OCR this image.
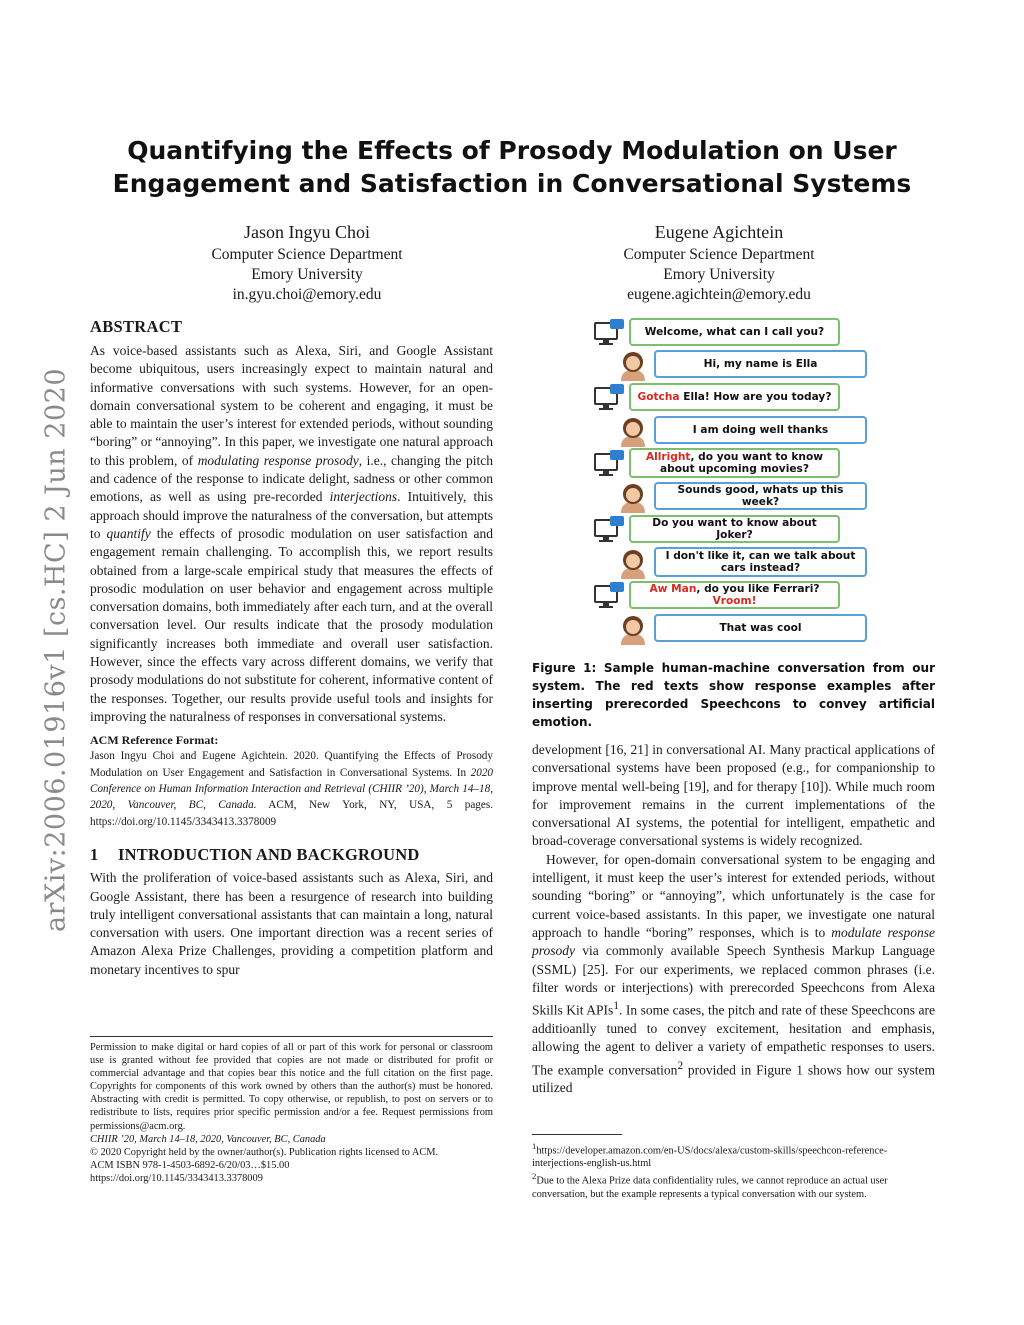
Quantifying the Effects of Prosody Modulation on User
Engagement and Satisfaction in Conversational Systems
Jason Ingyu Choi
Computer Science Department
Emory University
in.gyu.choi@emory.edu
Eugene Agichtein
Computer Science Department
Emory University
eugene.agichtein@emory.edu
arXiv:2006.01916v1 [cs.HC] 2 Jun 2020
ABSTRACT

As voice-based assistants such as Alexa, Siri, and Google Assistant become ubiquitous, users increasingly expect to maintain natural and informative conversations with such systems. However, for an open-domain conversational system to be coherent and engaging, it must be able to maintain the user’s interest for extended periods, without sounding “boring” or “annoying”. In this paper, we investigate one natural approach to this problem, of modulating response prosody, i.e., changing the pitch and cadence of the response to indicate delight, sadness or other common emotions, as well as using pre-recorded interjections. Intuitively, this approach should improve the naturalness of the conversation, but attempts to quantify the effects of prosodic modulation on user satisfaction and engagement remain challenging. To accomplish this, we report results obtained from a large-scale empirical study that measures the effects of prosodic modulation on user behavior and engagement across multiple conversation domains, both immediately after each turn, and at the overall conversation level. Our results indicate that the prosody modulation significantly increases both immediate and overall user satisfaction. However, since the effects vary across different domains, we verify that prosody modulations do not substitute for coherent, informative content of the responses. Together, our results provide useful tools and insights for improving the naturalness of responses in conversational systems.

ACM Reference Format:
Jason Ingyu Choi and Eugene Agichtein. 2020. Quantifying the Effects of Prosody Modulation on User Engagement and Satisfaction in Conversational Systems. In 2020 Conference on Human Information Interaction and Retrieval (CHIIR ’20), March 14–18, 2020, Vancouver, BC, Canada. ACM, New York, NY, USA, 5 pages. https://doi.org/10.1145/3343413.3378009
1 INTRODUCTION AND BACKGROUND

With the proliferation of voice-based assistants such as Alexa, Siri, and Google Assistant, there has been a resurgence of research into building truly intelligent conversational assistants that can maintain a long, natural conversation with users. One important direction was a recent series of Amazon Alexa Prize Challenges, providing a competition platform and monetary incentives to spur

Permission to make digital or hard copies of all or part of this work for personal or classroom use is granted without fee provided that copies are not made or distributed for profit or commercial advantage and that copies bear this notice and the full citation on the first page. Copyrights for components of this work owned by others than the author(s) must be honored. Abstracting with credit is permitted. To copy otherwise, or republish, to post on servers or to redistribute to lists, requires prior specific permission and/or a fee. Request permissions from permissions@acm.org.
CHIIR ’20, March 14–18, 2020, Vancouver, BC, Canada
© 2020 Copyright held by the owner/author(s). Publication rights licensed to ACM.
ACM ISBN 978-1-4503-6892-6/20/03…$15.00
https://doi.org/10.1145/3343413.3378009
Welcome, what can I call you?
Hi, my name is Ella
Gotcha Ella! How are you today?
I am doing well thanks
Allright, do you want to know about upcoming movies?
Sounds good, whats up this week?
Do you want to know about Joker?
I don't like it, can we talk about cars instead?
Aw Man, do you like Ferrari? Vroom!
That was cool
Figure 1: Sample human-machine conversation from our system. The red texts show response examples after inserting prerecorded Speechcons to convey artificial emotion.

development [16, 21] in conversational AI. Many practical applications of conversational systems have been proposed (e.g., for companionship to improve mental well-being [19], and for therapy [10]). While much room for improvement remains in the current implementations of the conversational AI systems, the potential for intelligent, empathetic and broad-coverage conversational systems is widely recognized.

However, for open-domain conversational system to be engaging and intelligent, it must keep the user’s interest for extended periods, without sounding “boring” or “annoying”, which unfortunately is the case for current voice-based assistants. In this paper, we investigate one natural approach to handle “boring” responses, which is to modulate response prosody via commonly available Speech Synthesis Markup Language (SSML) [25]. For our experiments, we replaced common phrases (i.e. filter words or interjections) with prerecorded Speechcons from Alexa Skills Kit APIs$^1$. In some cases, the pitch and rate of these Speechcons are additioanlly tuned to convey excitement, hesitation and emphasis, allowing the agent to deliver a variety of empathetic responses to users. The example conversation$^2$ provided in Figure 1 shows how our system utilized

$^1$https://developer.amazon.com/en-US/docs/alexa/custom-skills/speechcon-reference-interjections-english-us.html
$^2$Due to the Alexa Prize data confidentiality rules, we cannot reproduce an actual user conversation, but the example represents a typical conversation with our system.
